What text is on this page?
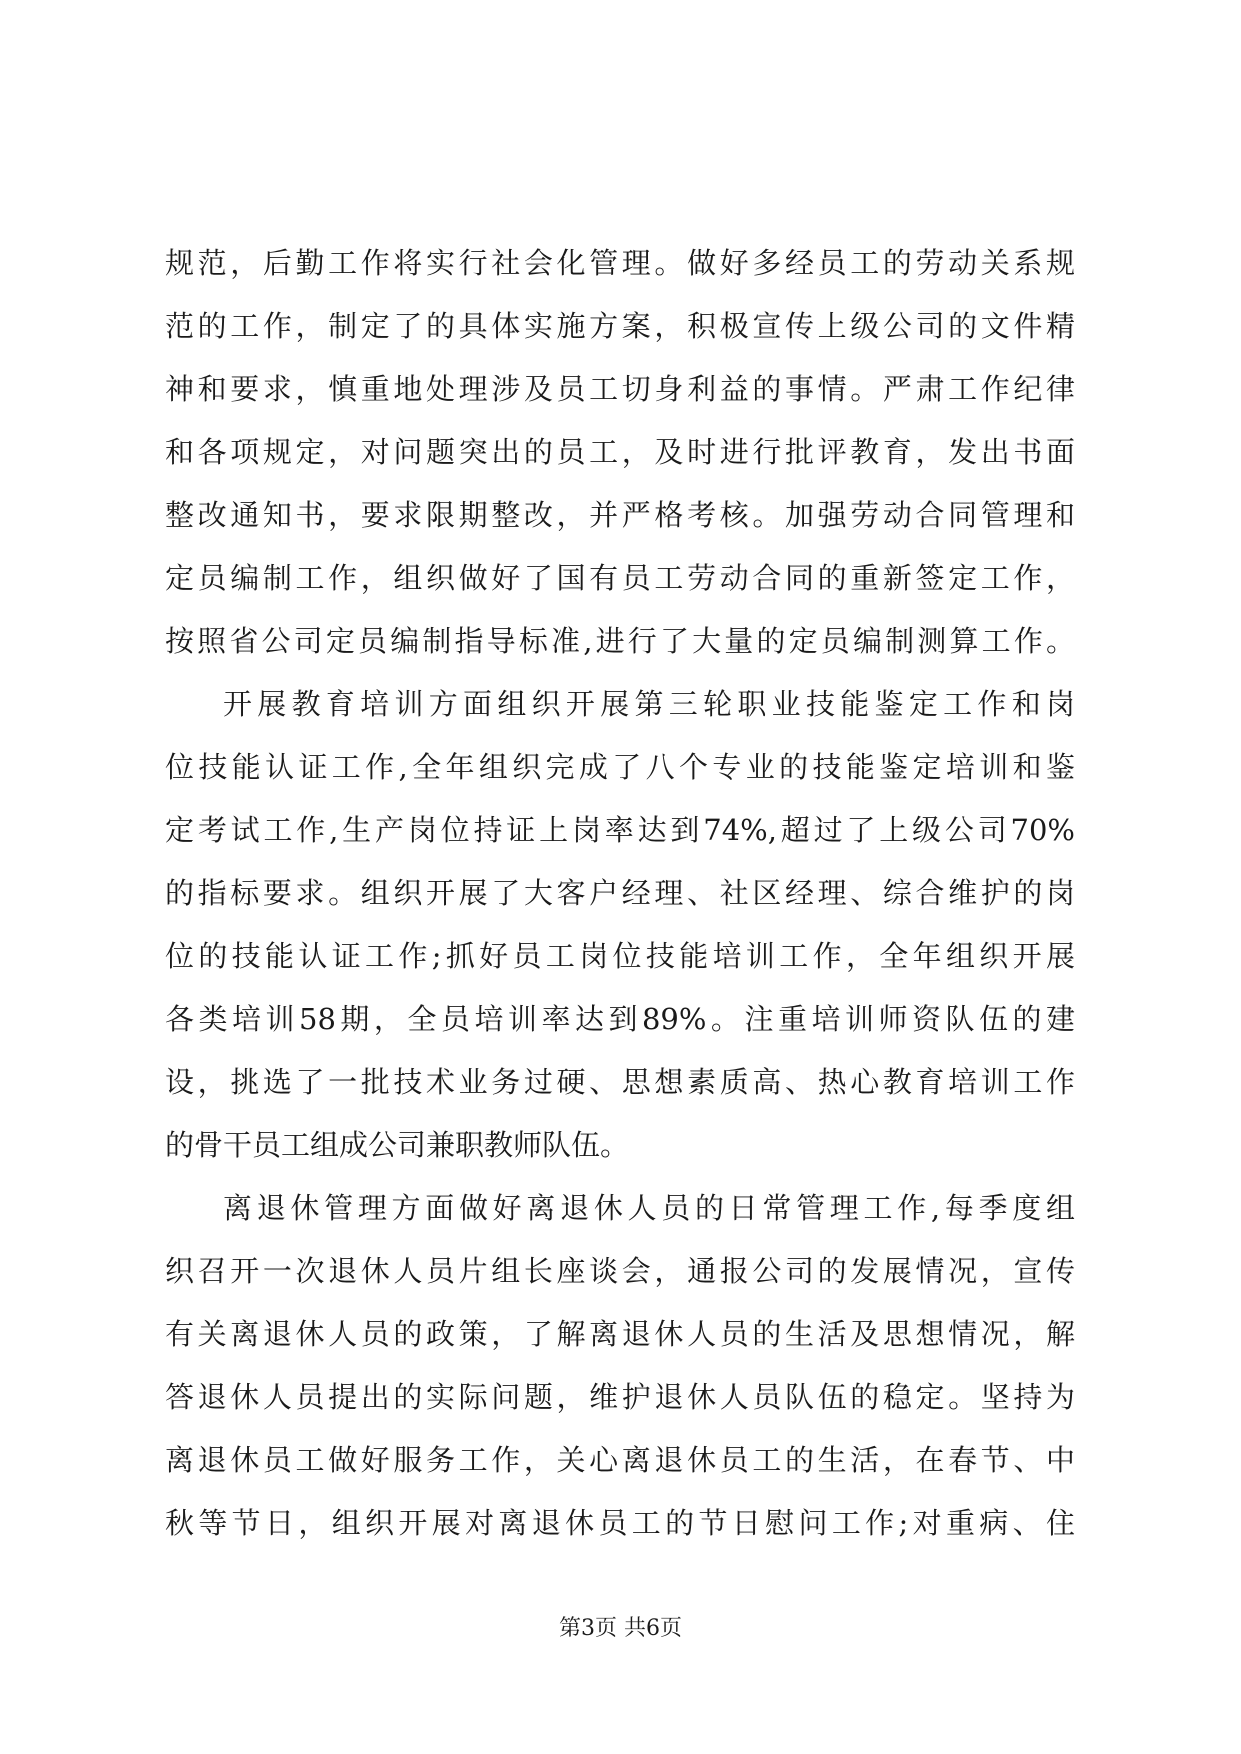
规范，后勤工作将实行社会化管理。做好多经员工的劳动关系规
范的工作，制定了的具体实施方案，积极宣传上级公司的文件精
神和要求，慎重地处理涉及员工切身利益的事情。严肃工作纪律
和各项规定，对问题突出的员工，及时进行批评教育，发出书面
整改通知书，要求限期整改，并严格考核。加强劳动合同管理和
定员编制工作，组织做好了国有员工劳动合同的重新签定工作，
按照省公司定员编制指导标准,进行了大量的定员编制测算工作。
开展教育培训方面组织开展第三轮职业技能鉴定工作和岗
位技能认证工作,全年组织完成了八个专业的技能鉴定培训和鉴
定考试工作,生产岗位持证上岗率达到74%,超过了上级公司70%
的指标要求。组织开展了大客户经理、社区经理、综合维护的岗
位的技能认证工作;抓好员工岗位技能培训工作，全年组织开展
各类培训58期，全员培训率达到89%。注重培训师资队伍的建
设，挑选了一批技术业务过硬、思想素质高、热心教育培训工作
的骨干员工组成公司兼职教师队伍。
离退休管理方面做好离退休人员的日常管理工作,每季度组
织召开一次退休人员片组长座谈会，通报公司的发展情况，宣传
有关离退休人员的政策，了解离退休人员的生活及思想情况，解
答退休人员提出的实际问题，维护退休人员队伍的稳定。坚持为
离退休员工做好服务工作，关心离退休员工的生活，在春节、中
秋等节日，组织开展对离退休员工的节日慰问工作;对重病、住
第3页 共6页
